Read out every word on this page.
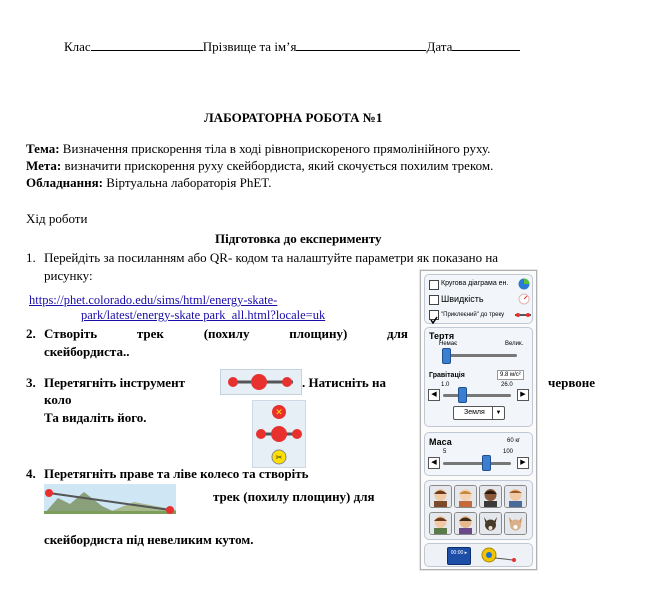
Клас	Прізвище та ім’я	Дата
ЛАБОРАТОРНА РОБОТА №1
Тема: Визначення прискорення тіла в ході рівноприскореного прямолінійного руху.
Мета: визначити прискорення руху скейбордиста, який скочується похилим треком.
Обладнання: Віртуальна лабораторія PhET.
Хід роботи
Підготовка до експерименту
1. Перейдіть за посиланням або QR- кодом та налаштуйте параметри як показано на
рисунку:
https://phet.colorado.edu/sims/html/energy-skate-
park/latest/energy-skate park_all.html?locale=uk
2. Створіть	трек	(похилу	площину)	для
скейбордиста..
3. Перетягніть інструмент	. Натисніть на	червоне
коло
Та видаліть його.	✕
✂
4. Перетягніть праве та ліве колесо та створіть
трек (похилу площину) для
скейбордиста під невеликим кутом.
Кругова діаграма ен.
Швидкість
"Приклеєний" до треку
Тертя
Немає	Велик.
Гравітація	9.8 м/с²
1.0	26.0
◀	▶
Земля	▼
Маса	60 кг
5	100
◀	▶
00:00 ▸
